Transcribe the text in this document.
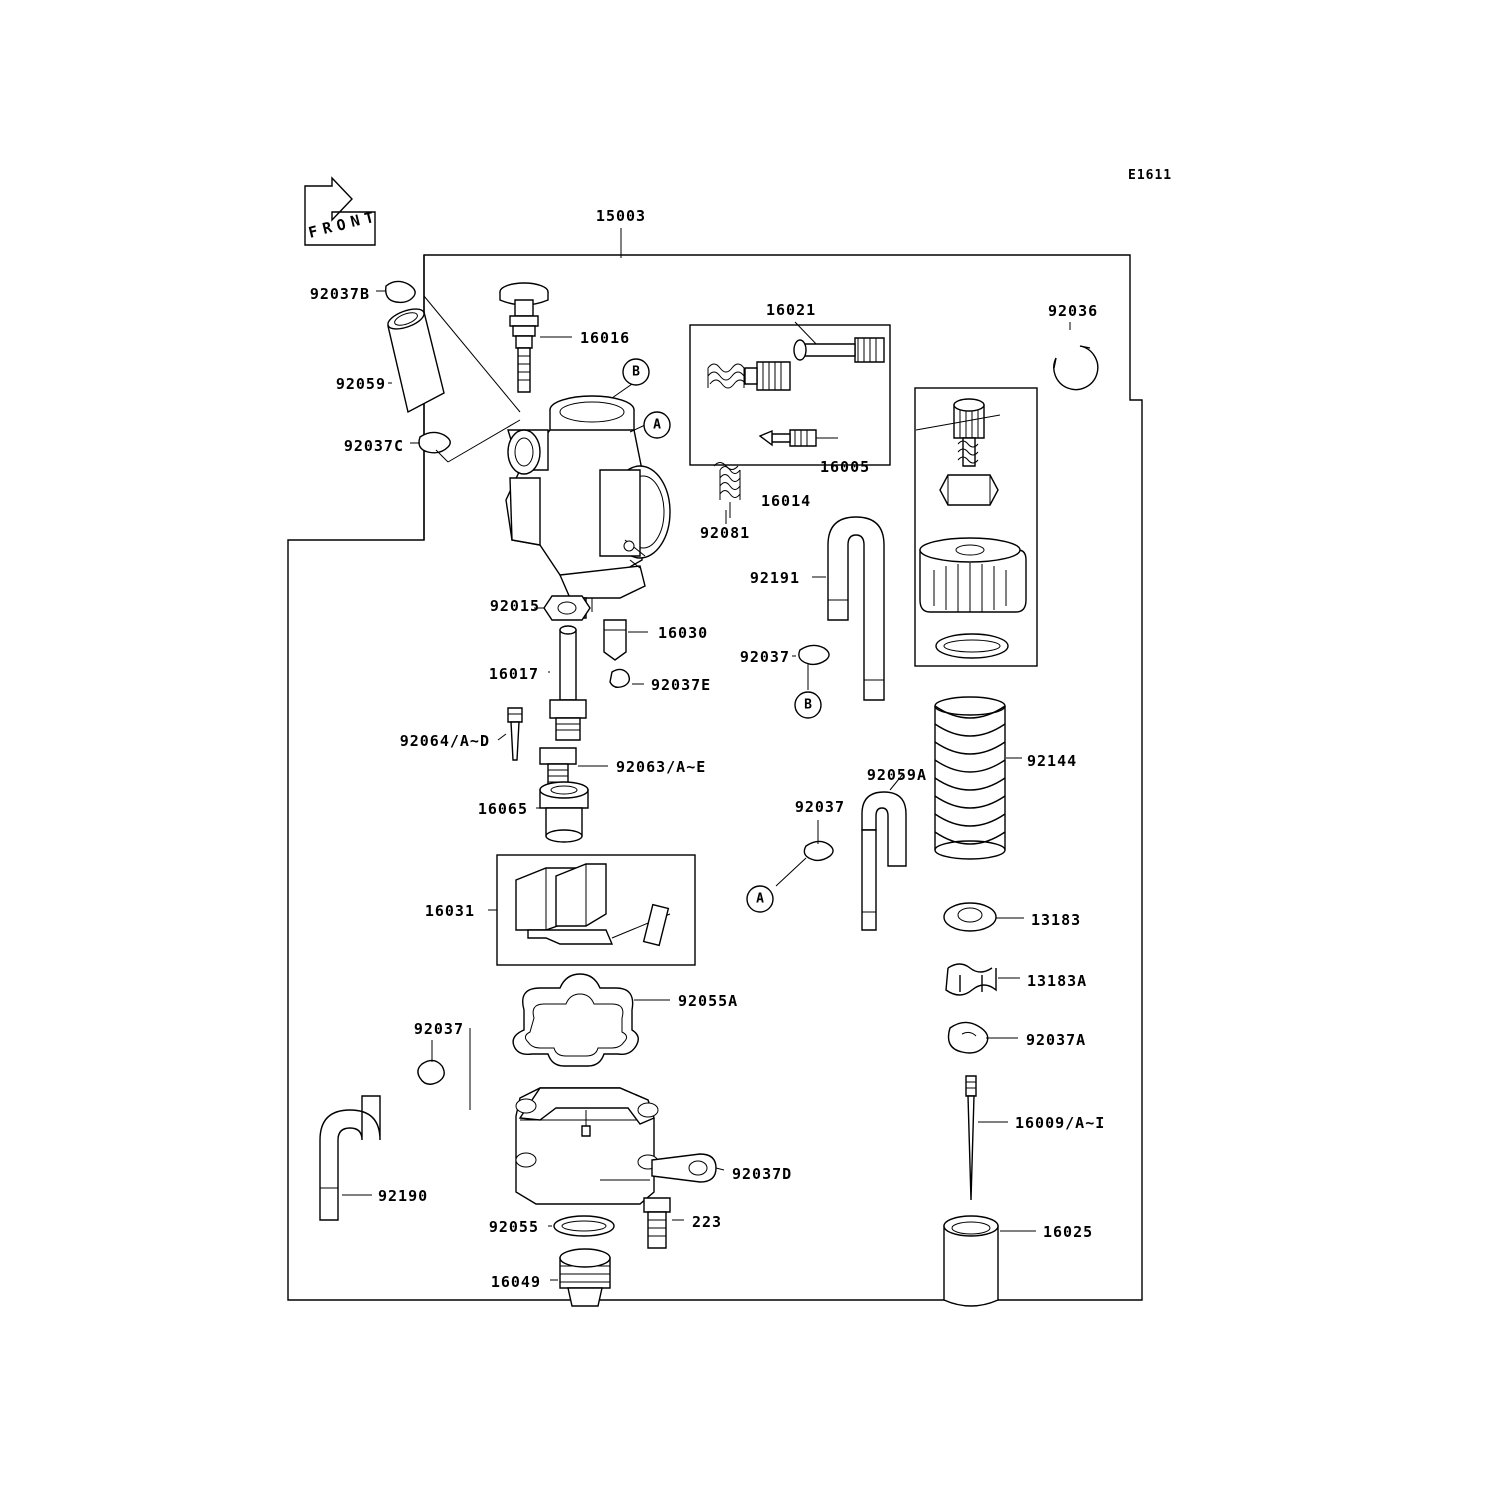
F R O N T
B
A
B
A
E1611
15003
92037B
16016
16021	92036
92059
92037C
16005
16014
92081
92191
92015
16030
92037
16017
92037E
92064/A~D
92144
92063/A~E	92059A
16065	92037
16031	13183
13183A
92055A
92037A
92037
16009/A~I
92037D
92190
92055	223
16025
16049
